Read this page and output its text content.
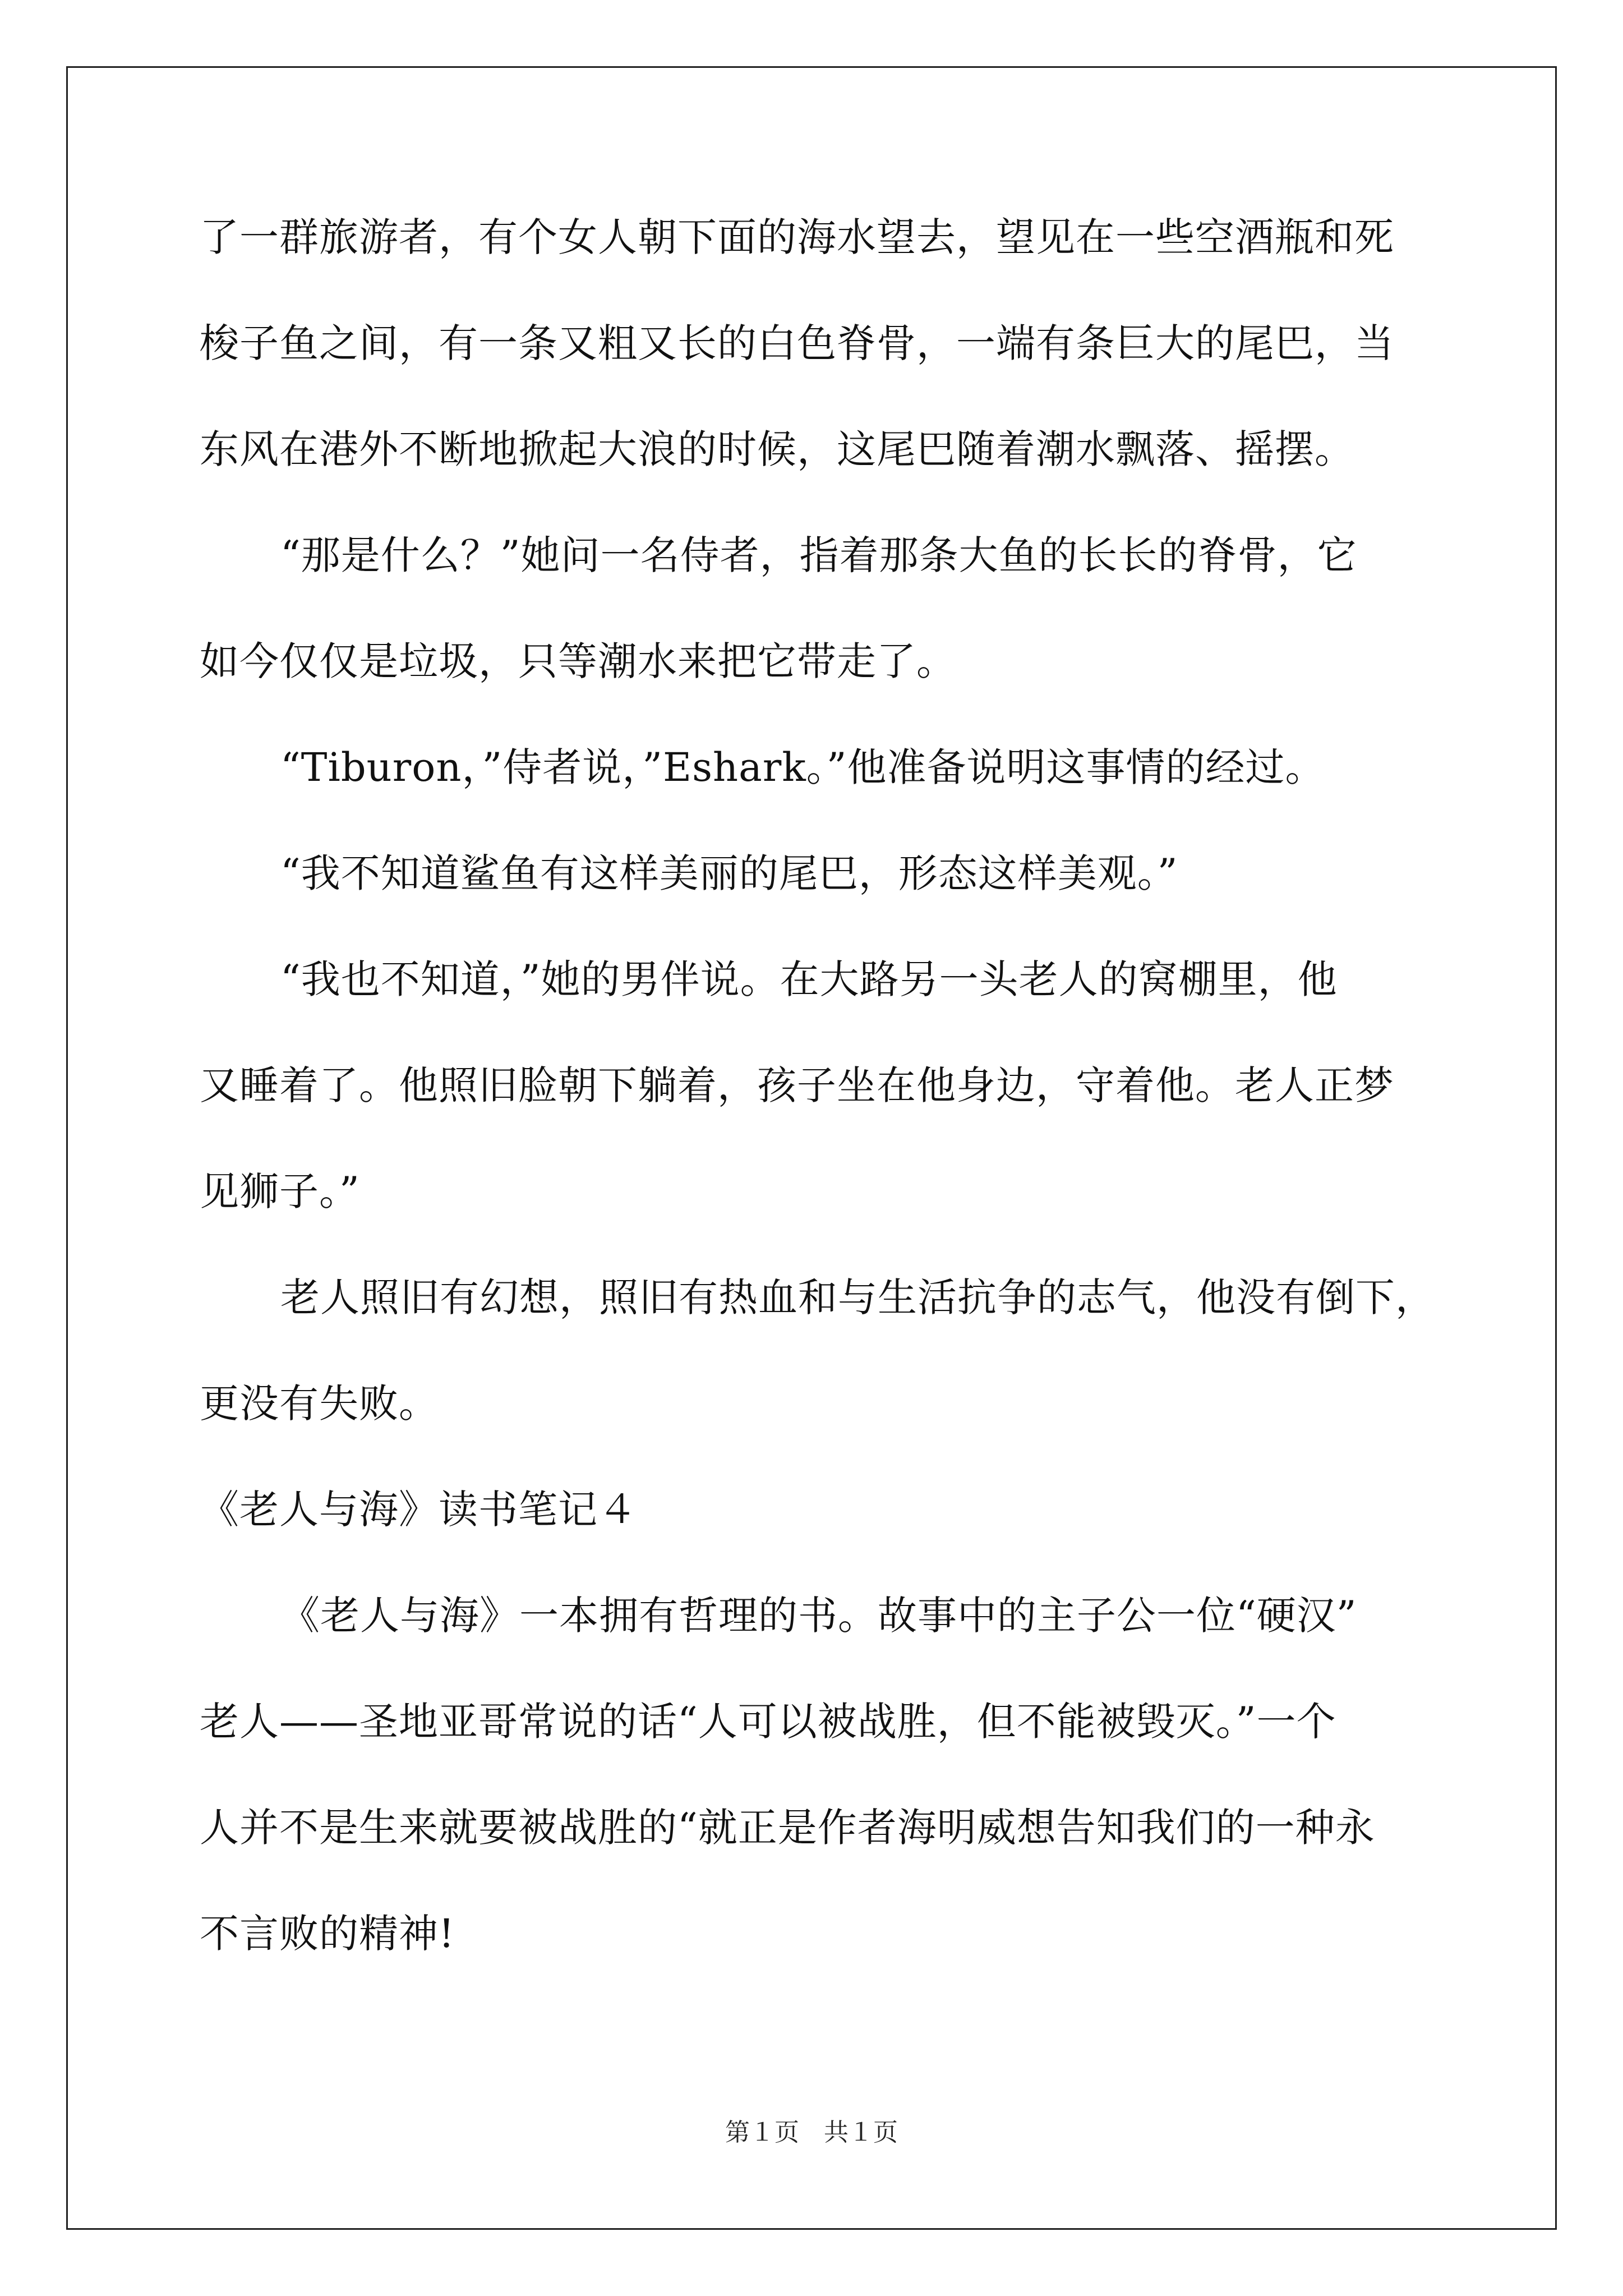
了一群旅游者，有个女人朝下面的海水望去，望见在一些空酒瓶和死
梭子鱼之间，有一条又粗又长的白色脊骨，一端有条巨大的尾巴，当
东风在港外不断地掀起大浪的时候，这尾巴随着潮水飘落、摇摆。
“那是什么？”她问一名侍者，指着那条大鱼的长长的脊骨，它
如今仅仅是垃圾，只等潮水来把它带走了。
“Tiburon，”侍者说，”Eshark。”他准备说明这事情的经过。
“我不知道鲨鱼有这样美丽的尾巴，形态这样美观。”
“我也不知道，”她的男伴说。在大路另一头老人的窝棚里，他
又睡着了。他照旧脸朝下躺着，孩子坐在他身边，守着他。老人正梦
见狮子。”
老人照旧有幻想，照旧有热血和与生活抗争的志气，他没有倒下，
更没有失败。
《老人与海》读书笔记４
《老人与海》一本拥有哲理的书。故事中的主子公一位“硬汉”
老人——圣地亚哥常说的话“人可以被战胜，但不能被毁灭。”一个
人并不是生来就要被战胜的“就正是作者海明威想告知我们的一种永
不言败的精神!
第１页　共１页
